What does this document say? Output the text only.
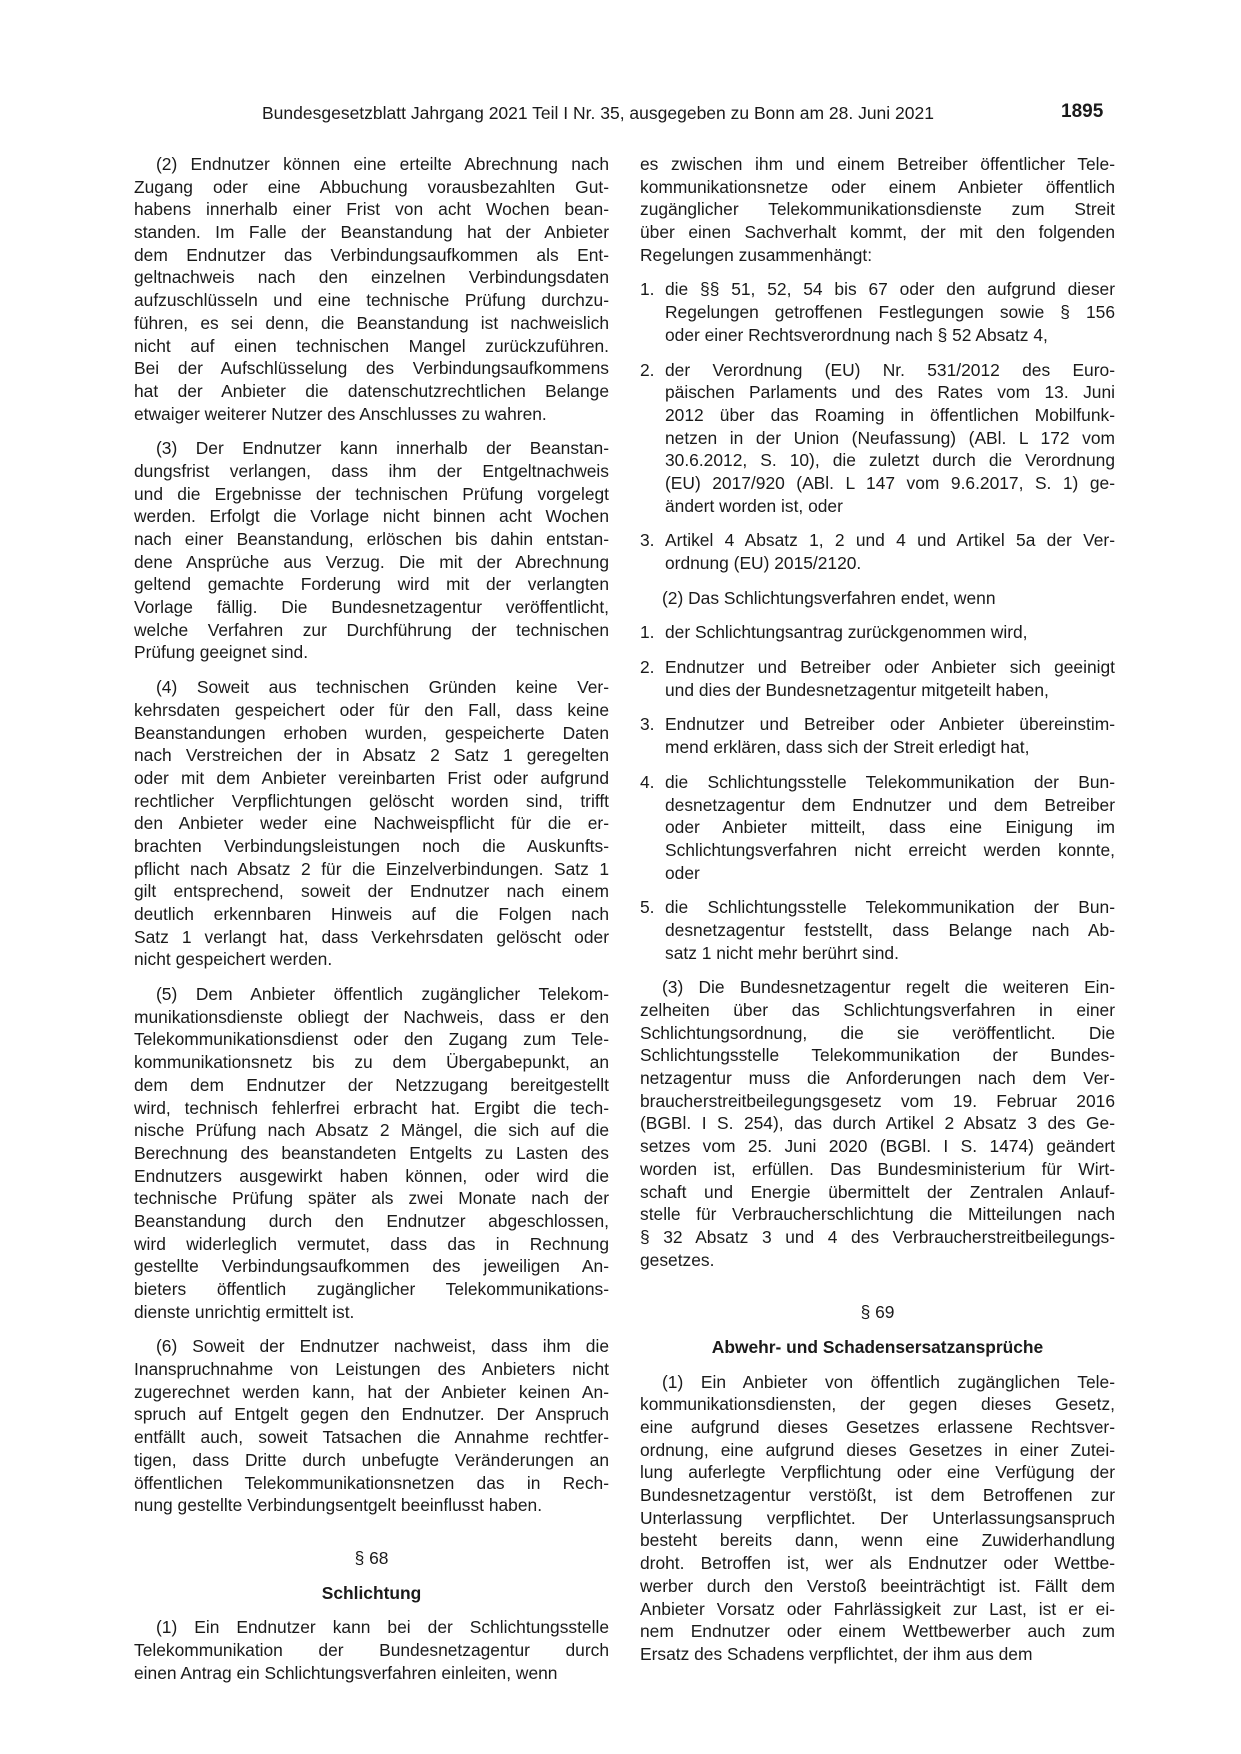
Bundesgesetzblatt Jahrgang 2021 Teil I Nr. 35, ausgegeben zu Bonn am 28. Juni 2021	1895
(2) Endnutzer können eine erteilte Abrechnung nach
Zugang oder eine Abbuchung vorausbezahlten Gut-
habens innerhalb einer Frist von acht Wochen bean-
standen. Im Falle der Beanstandung hat der Anbieter
dem Endnutzer das Verbindungsaufkommen als Ent-
geltnachweis nach den einzelnen Verbindungsdaten
aufzuschlüsseln und eine technische Prüfung durchzu-
führen, es sei denn, die Beanstandung ist nachweislich
nicht auf einen technischen Mangel zurückzuführen.
Bei der Aufschlüsselung des Verbindungsaufkommens
hat der Anbieter die datenschutzrechtlichen Belange
etwaiger weiterer Nutzer des Anschlusses zu wahren.
(3) Der Endnutzer kann innerhalb der Beanstan-
dungsfrist verlangen, dass ihm der Entgeltnachweis
und die Ergebnisse der technischen Prüfung vorgelegt
werden. Erfolgt die Vorlage nicht binnen acht Wochen
nach einer Beanstandung, erlöschen bis dahin entstan-
dene Ansprüche aus Verzug. Die mit der Abrechnung
geltend gemachte Forderung wird mit der verlangten
Vorlage fällig. Die Bundesnetzagentur veröffentlicht,
welche Verfahren zur Durchführung der technischen
Prüfung geeignet sind.
(4) Soweit aus technischen Gründen keine Ver-
kehrsdaten gespeichert oder für den Fall, dass keine
Beanstandungen erhoben wurden, gespeicherte Daten
nach Verstreichen der in Absatz 2 Satz 1 geregelten
oder mit dem Anbieter vereinbarten Frist oder aufgrund
rechtlicher Verpflichtungen gelöscht worden sind, trifft
den Anbieter weder eine Nachweispflicht für die er-
brachten Verbindungsleistungen noch die Auskunfts-
pflicht nach Absatz 2 für die Einzelverbindungen. Satz 1
gilt entsprechend, soweit der Endnutzer nach einem
deutlich erkennbaren Hinweis auf die Folgen nach
Satz 1 verlangt hat, dass Verkehrsdaten gelöscht oder
nicht gespeichert werden.
(5) Dem Anbieter öffentlich zugänglicher Telekom-
munikationsdienste obliegt der Nachweis, dass er den
Telekommunikationsdienst oder den Zugang zum Tele-
kommunikationsnetz bis zu dem Übergabepunkt, an
dem dem Endnutzer der Netzzugang bereitgestellt
wird, technisch fehlerfrei erbracht hat. Ergibt die tech-
nische Prüfung nach Absatz 2 Mängel, die sich auf die
Berechnung des beanstandeten Entgelts zu Lasten des
Endnutzers ausgewirkt haben können, oder wird die
technische Prüfung später als zwei Monate nach der
Beanstandung durch den Endnutzer abgeschlossen,
wird widerleglich vermutet, dass das in Rechnung
gestellte Verbindungsaufkommen des jeweiligen An-
bieters öffentlich zugänglicher Telekommunikations-
dienste unrichtig ermittelt ist.
(6) Soweit der Endnutzer nachweist, dass ihm die
Inanspruchnahme von Leistungen des Anbieters nicht
zugerechnet werden kann, hat der Anbieter keinen An-
spruch auf Entgelt gegen den Endnutzer. Der Anspruch
entfällt auch, soweit Tatsachen die Annahme rechtfer-
tigen, dass Dritte durch unbefugte Veränderungen an
öffentlichen Telekommunikationsnetzen das in Rech-
nung gestellte Verbindungsentgelt beeinflusst haben.
§ 68
Schlichtung
(1) Ein Endnutzer kann bei der Schlichtungsstelle
Telekommunikation der Bundesnetzagentur durch
einen Antrag ein Schlichtungsverfahren einleiten, wenn
es zwischen ihm und einem Betreiber öffentlicher Tele-
kommunikationsnetze oder einem Anbieter öffentlich
zugänglicher Telekommunikationsdienste zum Streit
über einen Sachverhalt kommt, der mit den folgenden
Regelungen zusammenhängt:
1. die §§ 51, 52, 54 bis 67 oder den aufgrund dieser
Regelungen getroffenen Festlegungen sowie § 156
oder einer Rechtsverordnung nach § 52 Absatz 4,
2. der Verordnung (EU) Nr. 531/2012 des Euro-
päischen Parlaments und des Rates vom 13. Juni
2012 über das Roaming in öffentlichen Mobilfunk-
netzen in der Union (Neufassung) (ABl. L 172 vom
30.6.2012, S. 10), die zuletzt durch die Verordnung
(EU) 2017/920 (ABl. L 147 vom 9.6.2017, S. 1) ge-
ändert worden ist, oder
3. Artikel 4 Absatz 1, 2 und 4 und Artikel 5a der Ver-
ordnung (EU) 2015/2120.
(2) Das Schlichtungsverfahren endet, wenn
1. der Schlichtungsantrag zurückgenommen wird,
2. Endnutzer und Betreiber oder Anbieter sich geeinigt
und dies der Bundesnetzagentur mitgeteilt haben,
3. Endnutzer und Betreiber oder Anbieter übereinstim-
mend erklären, dass sich der Streit erledigt hat,
4. die Schlichtungsstelle Telekommunikation der Bun-
desnetzagentur dem Endnutzer und dem Betreiber
oder Anbieter mitteilt, dass eine Einigung im
Schlichtungsverfahren nicht erreicht werden konnte,
oder
5. die Schlichtungsstelle Telekommunikation der Bun-
desnetzagentur feststellt, dass Belange nach Ab-
satz 1 nicht mehr berührt sind.
(3) Die Bundesnetzagentur regelt die weiteren Ein-
zelheiten über das Schlichtungsverfahren in einer
Schlichtungsordnung, die sie veröffentlicht. Die
Schlichtungsstelle Telekommunikation der Bundes-
netzagentur muss die Anforderungen nach dem Ver-
braucherstreitbeilegungsgesetz vom 19. Februar 2016
(BGBl. I S. 254), das durch Artikel 2 Absatz 3 des Ge-
setzes vom 25. Juni 2020 (BGBl. I S. 1474) geändert
worden ist, erfüllen. Das Bundesministerium für Wirt-
schaft und Energie übermittelt der Zentralen Anlauf-
stelle für Verbraucherschlichtung die Mitteilungen nach
§ 32 Absatz 3 und 4 des Verbraucherstreitbeilegungs-
gesetzes.
§ 69
Abwehr- und Schadensersatzansprüche
(1) Ein Anbieter von öffentlich zugänglichen Tele-
kommunikationsdiensten, der gegen dieses Gesetz,
eine aufgrund dieses Gesetzes erlassene Rechtsver-
ordnung, eine aufgrund dieses Gesetzes in einer Zutei-
lung auferlegte Verpflichtung oder eine Verfügung der
Bundesnetzagentur verstößt, ist dem Betroffenen zur
Unterlassung verpflichtet. Der Unterlassungsanspruch
besteht bereits dann, wenn eine Zuwiderhandlung
droht. Betroffen ist, wer als Endnutzer oder Wettbe-
werber durch den Verstoß beeinträchtigt ist. Fällt dem
Anbieter Vorsatz oder Fahrlässigkeit zur Last, ist er ei-
nem Endnutzer oder einem Wettbewerber auch zum
Ersatz des Schadens verpflichtet, der ihm aus dem
